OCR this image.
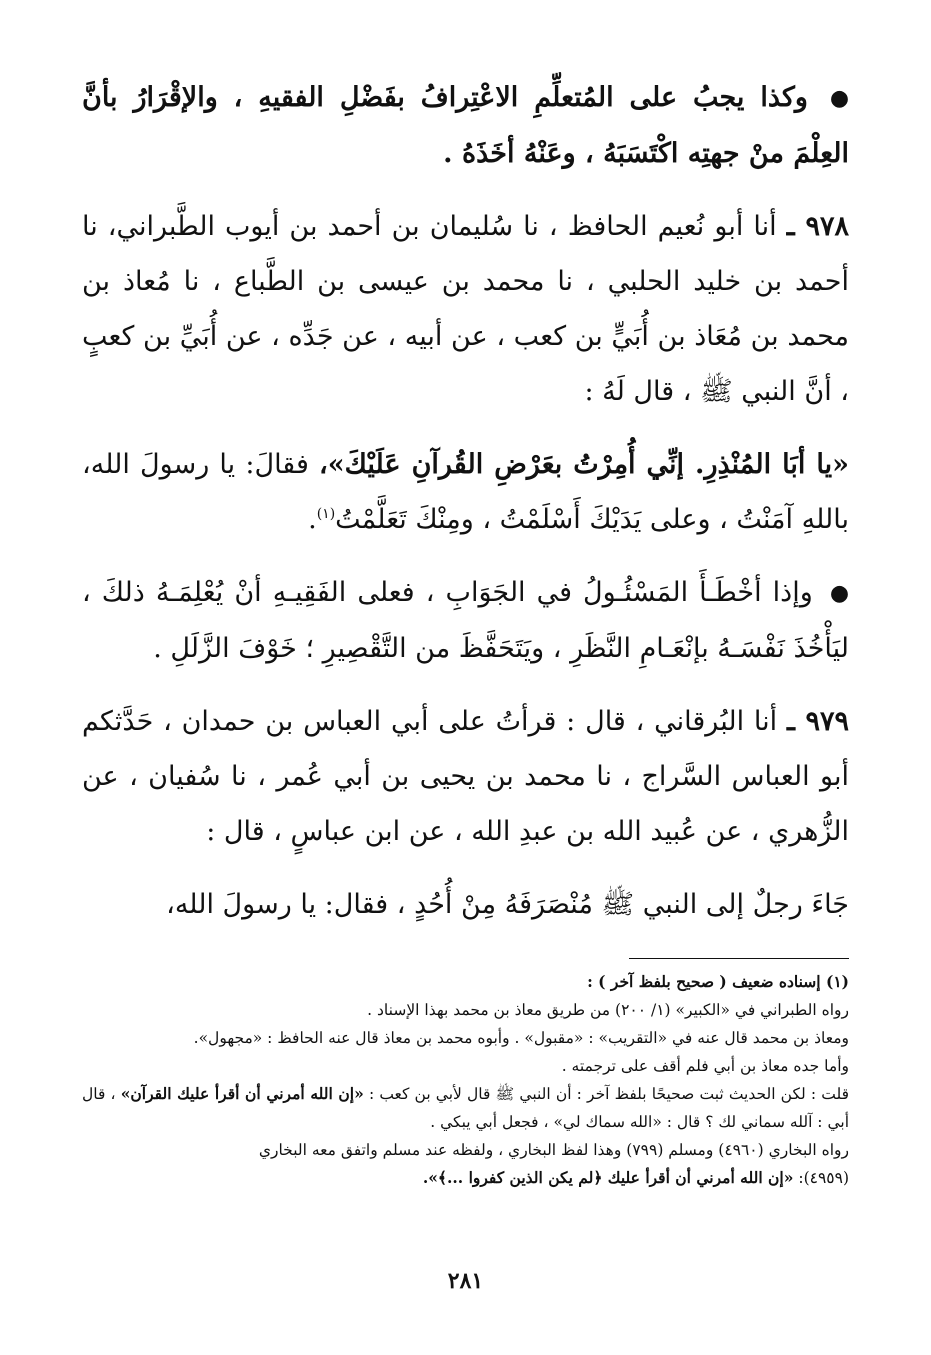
● وكذا يجبُ على المُتعلِّمِ الاعْتِرافُ بفَضْلِ الفقيهِ ، والإقْرَارُ بأنَّ العِلْمَ منْ جهتِه اكْتَسَبَهُ ، وعَنْهُ أخَذَهُ .

٩٧٨ ـ أنا أبو نُعيم الحافظ ، نا سُليمان بن أحمد بن أيوب الطَّبراني، نا أحمد بن خليد الحلبي ، نا محمد بن عيسى بن الطَّباع ، نا مُعاذ بن محمد بن مُعَاذ بن أُبَيٍّ بن كعب ، عن أبيه ، عن جَدِّه ، عن أُبَيِّ بن كعبٍ ، أنَّ النبي ﷺ ، قال لَهُ :

«يا أبَا المُنْذِرِ. إنِّي أُمِرْتُ بعَرْضِ القُرآنِ عَلَيْكَ»، فقالَ: يا رسولَ الله، باللهِ آمَنْتُ ، وعلى يَدَيْكَ أَسْلَمْتُ ، ومِنْكَ تَعَلَّمْتُ$^{(١)}$.

● وإذا أخْطَـأَ المَسْئُـولُ في الجَوَابِ ، فعلى الفَقِيـهِ أنْ يُعْلِمَـهُ ذلكَ ، ليَأْخُذَ نَفْسَـهُ بإنْعَـامِ النَّظَرِ ، ويَتَحَفَّظَ من التَّقْصِيرِ ؛ خَوْفَ الزَّلَلِ .

٩٧٩ ـ أنا البُرقاني ، قال : قرأتُ على أبي العباس بن حمدان ، حَدَّثكم أبو العباس السَّراج ، نا محمد بن يحيى بن أبي عُمر ، نا سُفيان ، عن الزُّهري ، عن عُبيد الله بن عبدِ الله ، عن ابن عباسٍ ، قال :

جَاءَ رجلٌ إلى النبي ﷺ مُنْصَرَفَهُ مِنْ أُحُدٍ ، فقال: يا رسولَ الله،

(١) إسناده ضعيف ( صحيح بلفظ آخر ) :

رواه الطبراني في «الكبير» (١/ ٢٠٠) من طريق معاذ بن محمد بهذا الإسناد .

ومعاذ بن محمد قال عنه في «التقريب» : «مقبول» . وأبوه محمد بن معاذ قال عنه الحافظ : «مجهول».

وأما جده معاذ بن أبي فلم أقف على ترجمته .

قلت : لكن الحديث ثبت صحيحًا بلفظ آخر : أن النبي ﷺ قال لأبي بن كعب : «إن الله أمرني أن أقرأ عليك القرآن» ، قال أبي : آلله سماني لك ؟ قال : «الله سماك لي» ، فجعل أبي يبكي .

رواه البخاري (٤٩٦٠) ومسلم (٧٩٩) وهذا لفظ البخاري ، ولفظه عند مسلم واتفق معه البخاري

(٤٩٥٩): «إن الله أمرني أن أقرأ عليك ﴿لم يكن الذين كفروا ...﴾».

٢٨١
